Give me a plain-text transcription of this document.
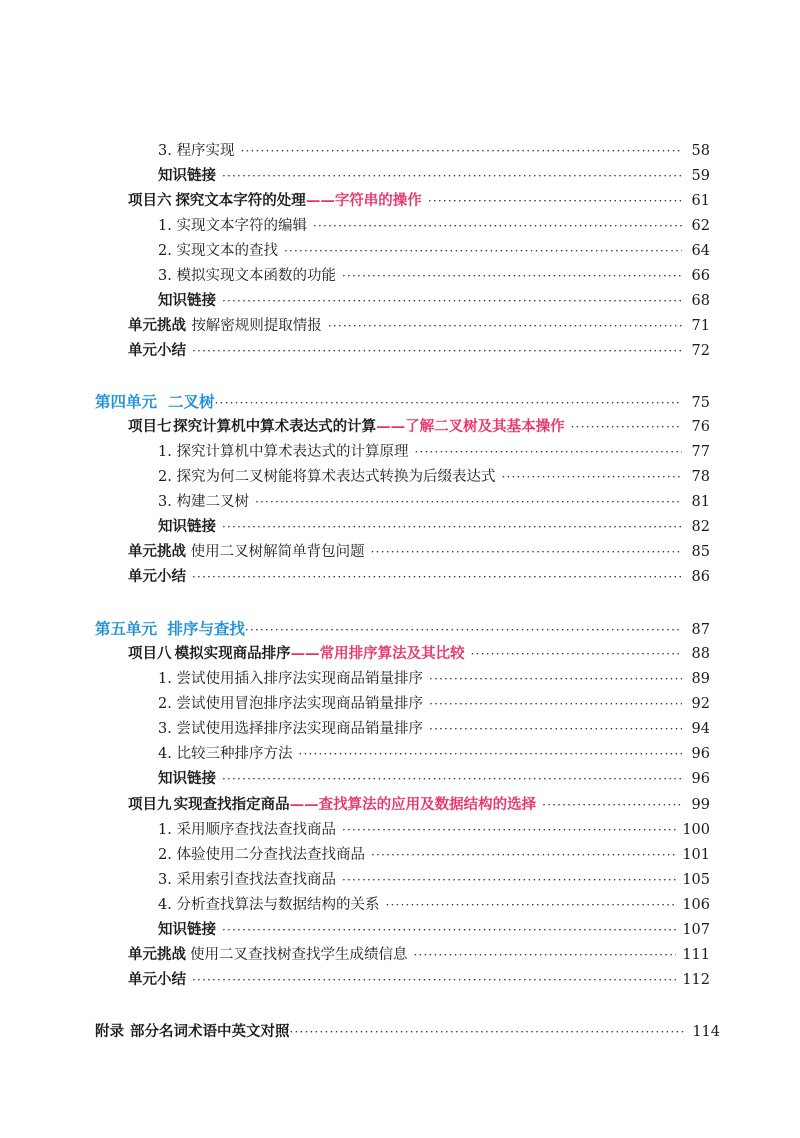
3. 程序实现 ·····	58
知识链接 ·····	59
项目六 探究文本字符的处理 ——字符串的操作 ·····	61
1. 实现文本字符的编辑 ·····	62
2. 实现文本的查找 ·····	64
3. 模拟实现文本函数的功能 ·····	66
知识链接 ·····	68
单元挑战 按解密规则提取情报 ·····	71
单元小结 ·····	72
第四单元 二叉树 ·····	75
项目七 探究计算机中算术表达式的计算 ——了解二叉树及其基本操作 ·····	76
1. 探究计算机中算术表达式的计算原理 ·····	77
2. 探究为何二叉树能将算术表达式转换为后缀表达式 ·····	78
3. 构建二叉树 ·····	81
知识链接 ·····	82
单元挑战 使用二叉树解简单背包问题 ·····	85
单元小结 ·····	86
第五单元 排序与查找 ·····	87
项目八 模拟实现商品排序 ——常用排序算法及其比较 ·····	88
1. 尝试使用插入排序法实现商品销量排序 ·····	89
2. 尝试使用冒泡排序法实现商品销量排序 ·····	92
3. 尝试使用选择排序法实现商品销量排序 ·····	94
4. 比较三种排序方法 ·····	96
知识链接 ·····	96
项目九 实现查找指定商品 ——查找算法的应用及数据结构的选择 ·····	99
1. 采用顺序查找法查找商品 ·····	100
2. 体验使用二分查找法查找商品 ·····	101
3. 采用索引查找法查找商品 ·····	105
4. 分析查找算法与数据结构的关系 ·····	106
知识链接 ·····	107
单元挑战 使用二叉查找树查找学生成绩信息 ·····	111
单元小结 ·····	112
附录 部分名词术语中英文对照 ·····	114
